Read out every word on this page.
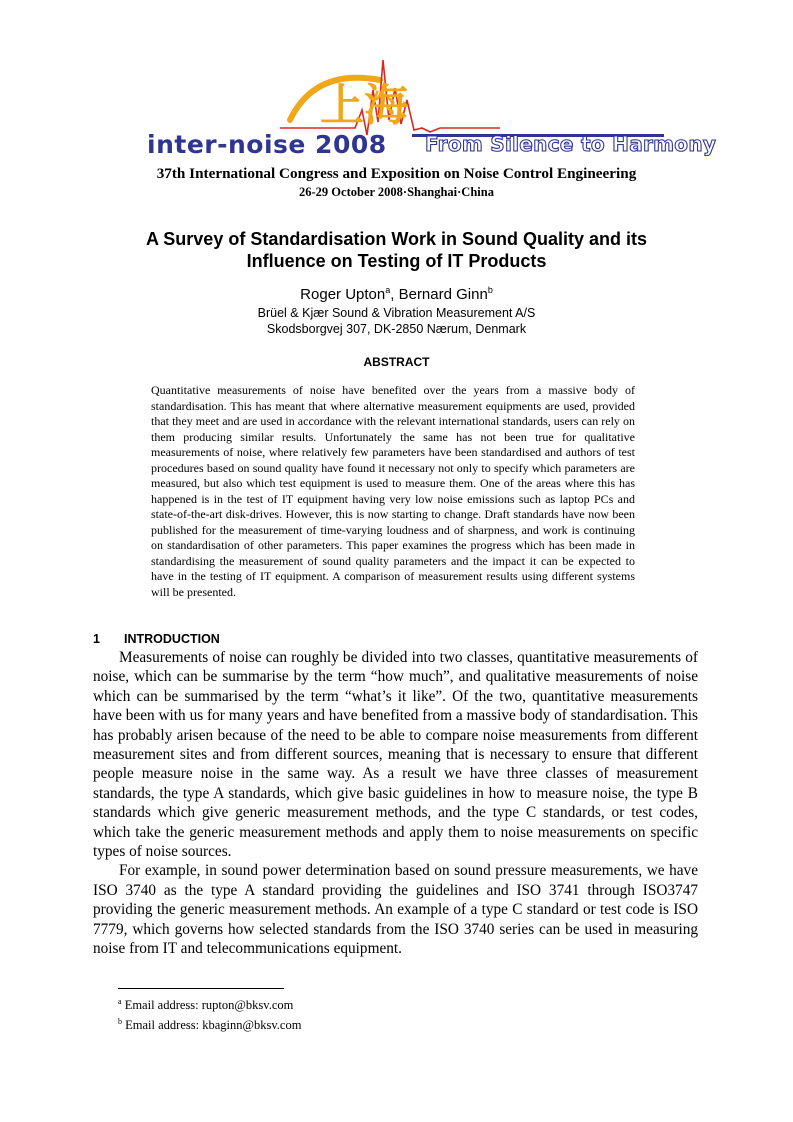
上海
inter-noise 2008 From Silence to Harmony
37th International Congress and Exposition on Noise Control Engineering
26-29 October 2008·Shanghai·China
A Survey of Standardisation Work in Sound Quality and its
Influence on Testing of IT Products
Roger Upton$^a$, Bernard Ginn$^b$
Brüel & Kjær Sound & Vibration Measurement A/S
Skodsborgvej 307, DK-2850 Nærum, Denmark
ABSTRACT

Quantitative measurements of noise have benefited over the years from a massive body of standardisation. This has meant that where alternative measurement equipments are used, provided that they meet and are used in accordance with the relevant international standards, users can rely on them producing similar results. Unfortunately the same has not been true for qualitative measurements of noise, where relatively few parameters have been standardised and authors of test procedures based on sound quality have found it necessary not only to specify which parameters are measured, but also which test equipment is used to measure them. One of the areas where this has happened is in the test of IT equipment having very low noise emissions such as laptop PCs and state-of-the-art disk-drives. However, this is now starting to change. Draft standards have now been published for the measurement of time-varying loudness and of sharpness, and work is continuing on standardisation of other parameters. This paper examines the progress which has been made in standardising the measurement of sound quality parameters and the impact it can be expected to have in the testing of IT equipment. A comparison of measurement results using different systems will be presented.

1 INTRODUCTION

Measurements of noise can roughly be divided into two classes, quantitative measurements of noise, which can be summarise by the term “how much”, and qualitative measurements of noise which can be summarised by the term “what’s it like”. Of the two, quantitative measurements have been with us for many years and have benefited from a massive body of standardisation. This has probably arisen because of the need to be able to compare noise measurements from different measurement sites and from different sources, meaning that is necessary to ensure that different people measure noise in the same way. As a result we have three classes of measurement standards, the type A standards, which give basic guidelines in how to measure noise, the type B standards which give generic measurement methods, and the type C standards, or test codes, which take the generic measurement methods and apply them to noise measurements on specific types of noise sources.

For example, in sound power determination based on sound pressure measurements, we have ISO 3740 as the type A standard providing the guidelines and ISO 3741 through ISO3747 providing the generic measurement methods. An example of a type C standard or test code is ISO 7779, which governs how selected standards from the ISO 3740 series can be used in measuring noise from IT and telecommunications equipment.

$^a$ Email address: rupton@bksv.com
$^b$ Email address: kbaginn@bksv.com
